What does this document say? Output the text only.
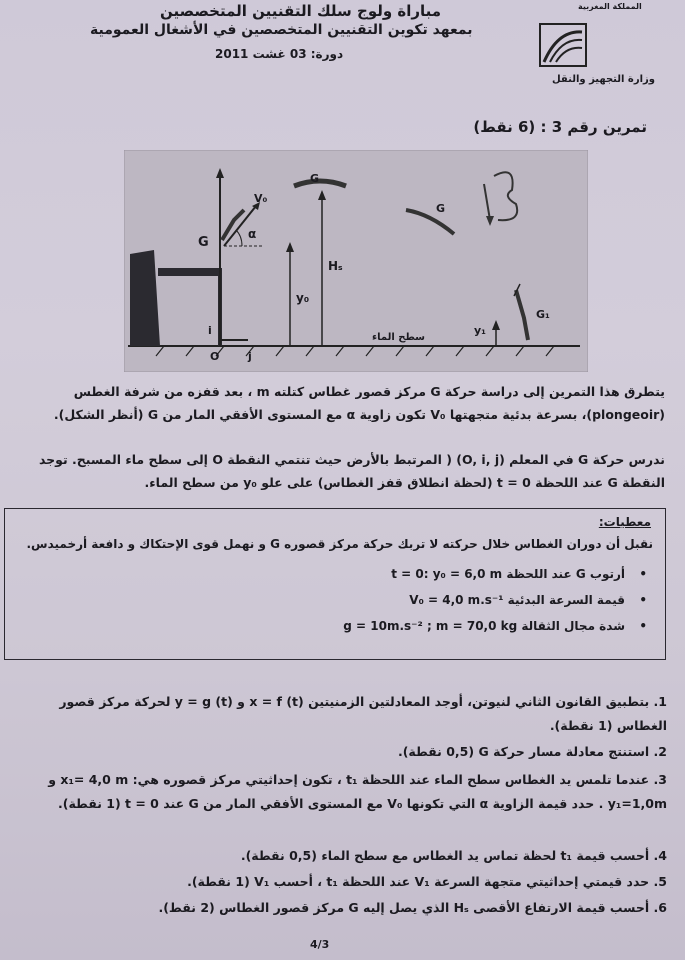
المملكة المغربية
مباراة ولوج سلك التقنيين المتخصصين
بمعهد تكوين التقنيين المتخصصين في الأشغال العمومية
دورة: 03 غشت 2011
وزارة التجهيز والنقل
تمرين رقم 3 : (6 نقط)
V₀
G
α
G
Hₛ
y₀
i
O	j
سطح الماء
G
y₁
G₁
يتطرق هذا التمرين إلى دراسة حركة G مركز قصور غطاس كتلته m ، بعد قفزه من شرفة الغطس (plongeoir)، بسرعة بدئية متجهتها V₀ تكون زاوية α مع المستوى الأفقي المار من G (أنظر الشكل).
ندرس حركة G في المعلم (O, i, j) ( المرتبط بالأرض حيث تنتمي النقطة O إلى سطح ماء المسبح. توجد النقطة G عند اللحظة t = 0 (لحظة انطلاق قفز الغطاس) على علو y₀ من سطح الماء.
معطيات:
نقبل أن دوران الغطاس خلال حركته لا تربك حركة مركز قصوره G و نهمل قوى الإحتكاك و دافعة أرخميدس.
أرتوب G عند اللحظة t = 0: y₀ = 6,0 m •
قيمة السرعة البدئية V₀ = 4,0 m.s⁻¹ •
شدة مجال الثقالة g = 10m.s⁻² ; m = 70,0 kg •
1. بتطبيق القانون الثاني لنيوتن، أوجد المعادلتين الزمنيتين x = f (t) و y = g (t) لحركة مركز قصور الغطاس (1 نقطة).
2. استنتج معادلة مسار حركة G (0,5 نقطة).
3. عندما تلمس يد الغطاس سطح الماء عند اللحظة t₁ ، تكون إحداثيتي مركز قصوره هي: x₁= 4,0 m و y₁=1,0m . حدد قيمة الزاوية α التي تكونها V₀ مع المستوى الأفقي المار من G عند t = 0 (1 نقطة).
4. أحسب قيمة t₁ لحظة تماس يد الغطاس مع سطح الماء (0,5 نقطة).
5. حدد قيمتي إحداثيتي متجهة السرعة V₁ عند اللحظة t₁ ، أحسب V₁ (1 نقطة).
6. أحسب قيمة الارتفاع الأقصى Hₛ الذي يصل إليه G مركز قصور الغطاس (2 نقط).
4/3
